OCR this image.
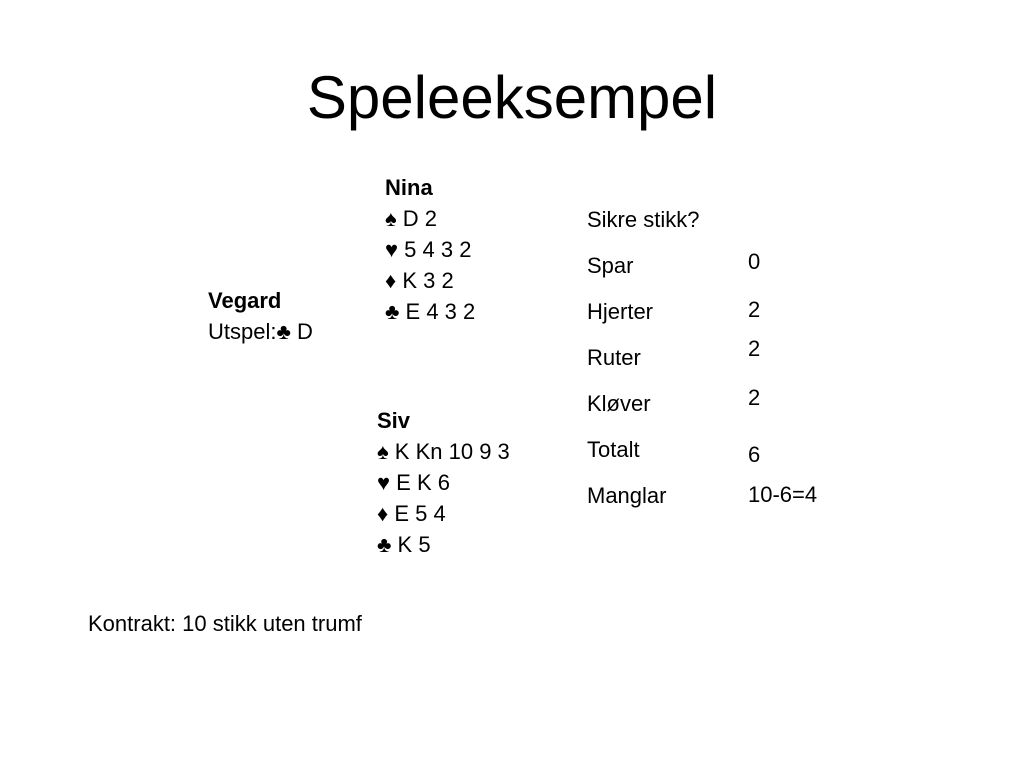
Speleeksempel
Nina
♠ D 2
♥ 5 4 3 2
♦ K 3 2
♣ E 4 3 2
Vegard
Utspel:♣ D
Siv
♠ K Kn 10 9 3
♥ E K 6
♦ E 5 4
♣ K 5
Sikre stikk?
Spar
Hjerter
Ruter
Kløver
Totalt
Manglar
0
2
2
2
6
10-6=4
Kontrakt: 10 stikk uten trumf
